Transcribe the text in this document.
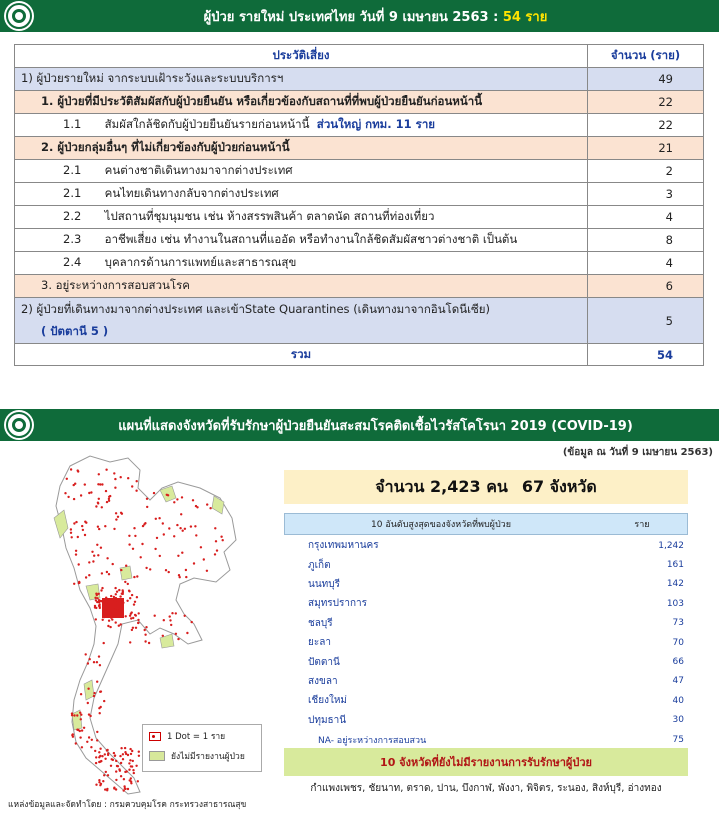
ผู้ป่วย รายใหม่ ประเทศไทย วันที่ 9 เมษายน 2563 : 54 ราย
ประวัติเสี่ยง	จำนวน (ราย)
1) ผู้ป่วยรายใหม่ จากระบบเฝ้าระวังและระบบบริการฯ	49
1. ผู้ป่วยที่มีประวัติสัมผัสกับผู้ป่วยยืนยัน หรือเกี่ยวข้องกับสถานที่ที่พบผู้ป่วยยืนยันก่อนหน้านี้	22
1.1 สัมผัสใกล้ชิดกับผู้ป่วยยืนยันรายก่อนหน้านี้ ส่วนใหญ่ กทม. 11 ราย	22
2. ผู้ป่วยกลุ่มอื่นๆ ที่ไม่เกี่ยวข้องกับผู้ป่วยก่อนหน้านี้	21
2.1 คนต่างชาติเดินทางมาจากต่างประเทศ	2
2.1 คนไทยเดินทางกลับจากต่างประเทศ	3
2.2 ไปสถานที่ชุมนุมชน เช่น ห้างสรรพสินค้า ตลาดนัด สถานที่ท่องเที่ยว	4
2.3 อาชีพเสี่ยง เช่น ทำงานในสถานที่แออัด หรือทำงานใกล้ชิดสัมผัสชาวต่างชาติ เป็นต้น	8
2.4 บุคลากรด้านการแพทย์และสาธารณสุข	4
3. อยู่ระหว่างการสอบสวนโรค	6

2) ผู้ป่วยที่เดินทางมาจากต่างประเทศ และเข้าState Quarantines (เดินทางมาจากอินโดนีเซีย)
( ปัตตานี 5 )	5
รวม	54
แผนที่แสดงจังหวัดที่รับรักษาผู้ป่วยยืนยันสะสมโรคติดเชื้อไวรัสโคโรนา 2019 (COVID-19)
(ข้อมูล ณ วันที่ 9 เมษายน 2563)
1 Dot = 1 ราย
ยังไม่มีรายงานผู้ป่วย
แหล่งข้อมูลและจัดทำโดย : กรมควบคุมโรค กระทรวงสาธารณสุข
จำนวน 2,423 คน 67 จังหวัด
10 อันดับสูงสุดของจังหวัดที่พบผู้ป่วย	ราย
กรุงเทพมหานคร	1,242
ภูเก็ต	161
นนทบุรี	142
สมุทรปราการ	103
ชลบุรี	73
ยะลา	70
ปัตตานี	66
สงขลา	47
เชียงใหม่	40
ปทุมธานี	30
NA- อยู่ระหว่างการสอบสวน	75
10 จังหวัดที่ยังไม่มีรายงานการรับรักษาผู้ป่วย
กำแพงเพชร, ชัยนาท, ตราด, ปาน, บึงกาฬ, พังงา, พิจิตร, ระนอง, สิงห์บุรี, อ่างทอง
